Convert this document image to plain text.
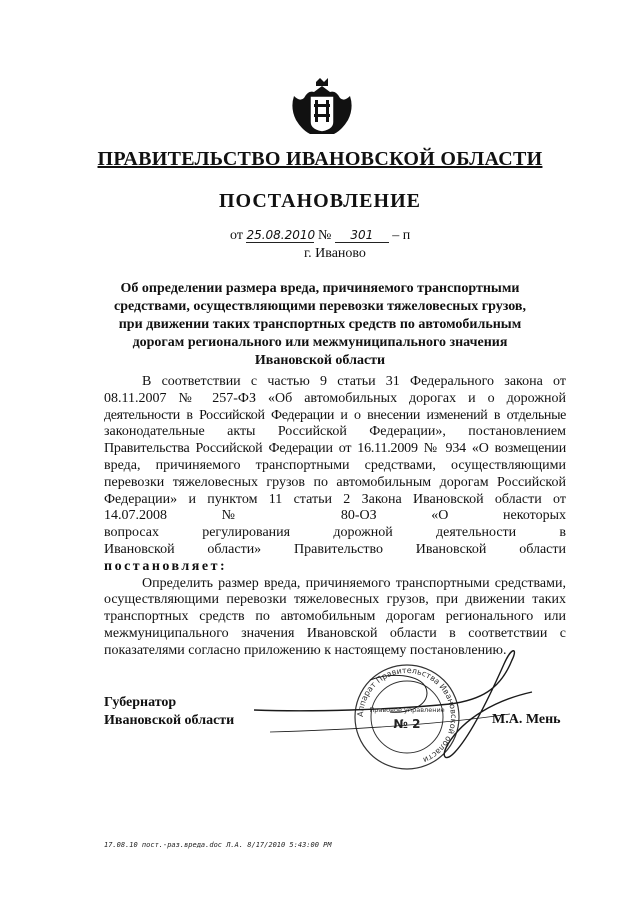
ПРАВИТЕЛЬСТВО ИВАНОВСКОЙ ОБЛАСТИ
ПОСТАНОВЛЕНИЕ
от 25.08.2010 № 301 – п
г. Иваново
Об определении размера вреда, причиняемого транспортными
средствами, осуществляющими перевозки тяжеловесных грузов,
при движении таких транспортных средств по автомобильным
дорогам регионального или межмуниципального значения
Ивановской области
В соответствии с частью 9 статьи 31 Федерального закона от
08.11.2007 № 257-ФЗ «Об автомобильных дорогах и о дорожной
деятельности в Российской Федерации и о внесении изменений в отдельные
законодательные акты Российской Федерации», постановлением
Правительства Российской Федерации от 16.11.2009 № 934 «О возмещении
вреда, причиняемого транспортными средствами, осуществляющими
перевозки тяжеловесных грузов по автомобильным дорогам Российской
Федерации» и пунктом 11 статьи 2 Закона Ивановской области от
14.07.2008 № 80-ОЗ «О некоторых
вопросах регулирования дорожной деятельности в
Ивановской области» Правительство Ивановской области
постановляет:
Определить размер вреда, причиняемого транспортными средствами,
осуществляющими перевозки тяжеловесных грузов, при движении таких
транспортных средств по автомобильным дорогам регионального или
межмуниципального значения Ивановской области в соответствии с
показателями согласно приложению к настоящему постановлению.
Аппарат Правительства Ивановской области
Правовое управление
№ 2
Губернатор
Ивановской области	М.А. Мень
17.08.10 пост.-раз.вреда.doc Л.А. 8/17/2010 5:43:00 PM
